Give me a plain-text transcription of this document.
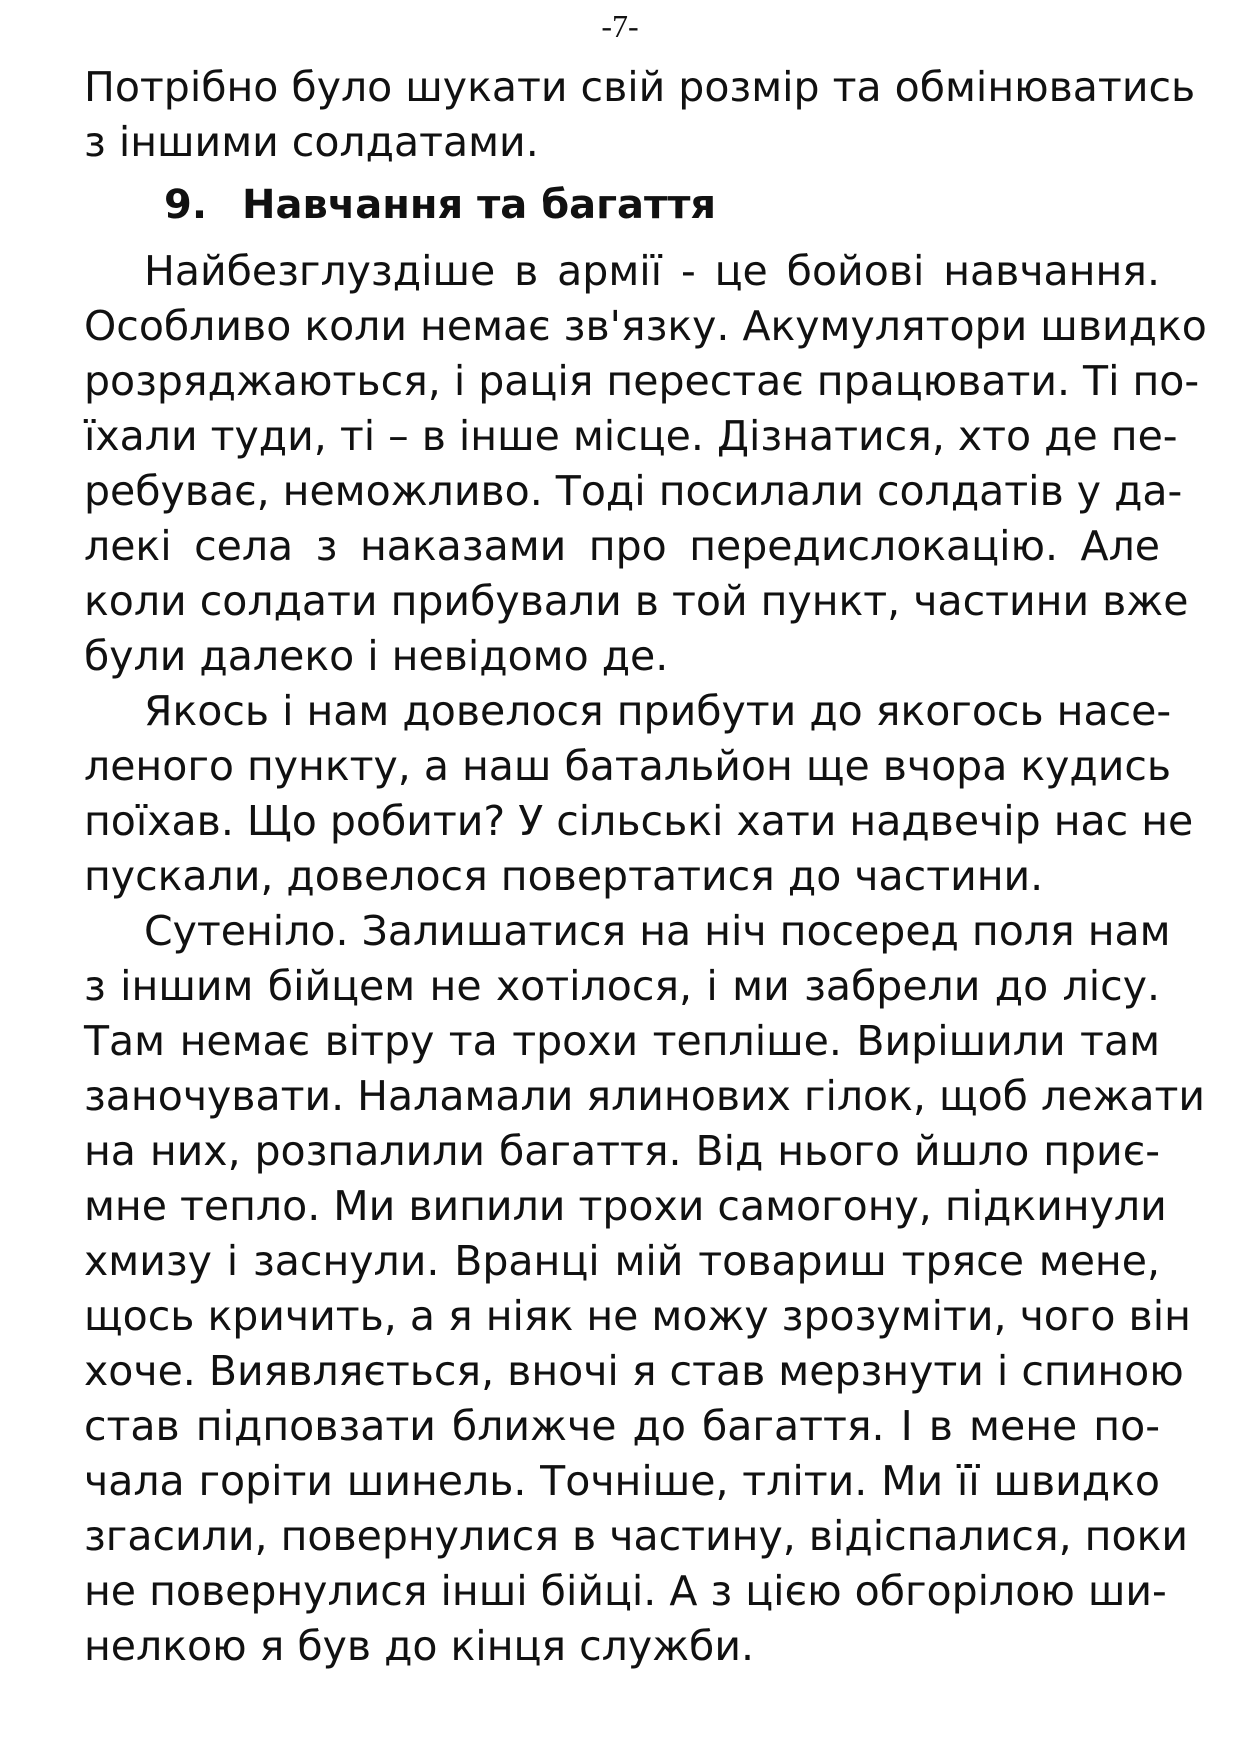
-7-
Потрібно було шукати свій розмір та обмінюватись
з іншими солдатами.
9. Навчання та багаття
Найбезглуздіше в армії - це бойові навчання.
Особливо коли немає зв'язку. Акумулятори швидко
розряджаються, і рація перестає працювати. Ті по-
їхали туди, ті – в інше місце. Дізнатися, хто де пе-
ребуває, неможливо. Тоді посилали солдатів у да-
лекі села з наказами про передислокацію. Але
коли солдати прибували в той пункт, частини вже
були далеко і невідомо де.
Якось і нам довелося прибути до якогось насе-
леного пункту, а наш батальйон ще вчора кудись
поїхав. Що робити? У сільські хати надвечір нас не
пускали, довелося повертатися до частини.
Сутеніло. Залишатися на ніч посеред поля нам
з іншим бійцем не хотілося, і ми забрели до лісу.
Там немає вітру та трохи тепліше. Вирішили там
заночувати. Наламали ялинових гілок, щоб лежати
на них, розпалили багаття. Від нього йшло приє-
мне тепло. Ми випили трохи самогону, підкинули
хмизу і заснули. Вранці мій товариш трясе мене,
щось кричить, а я ніяк не можу зрозуміти, чого він
хоче. Виявляється, вночі я став мерзнути і спиною
став підповзати ближче до багаття. І в мене по-
чала горіти шинель. Точніше, тліти. Ми її швидко
згасили, повернулися в частину, відіспалися, поки
не повернулися інші бійці. А з цією обгорілою ши-
нелкою я був до кінця служби.
